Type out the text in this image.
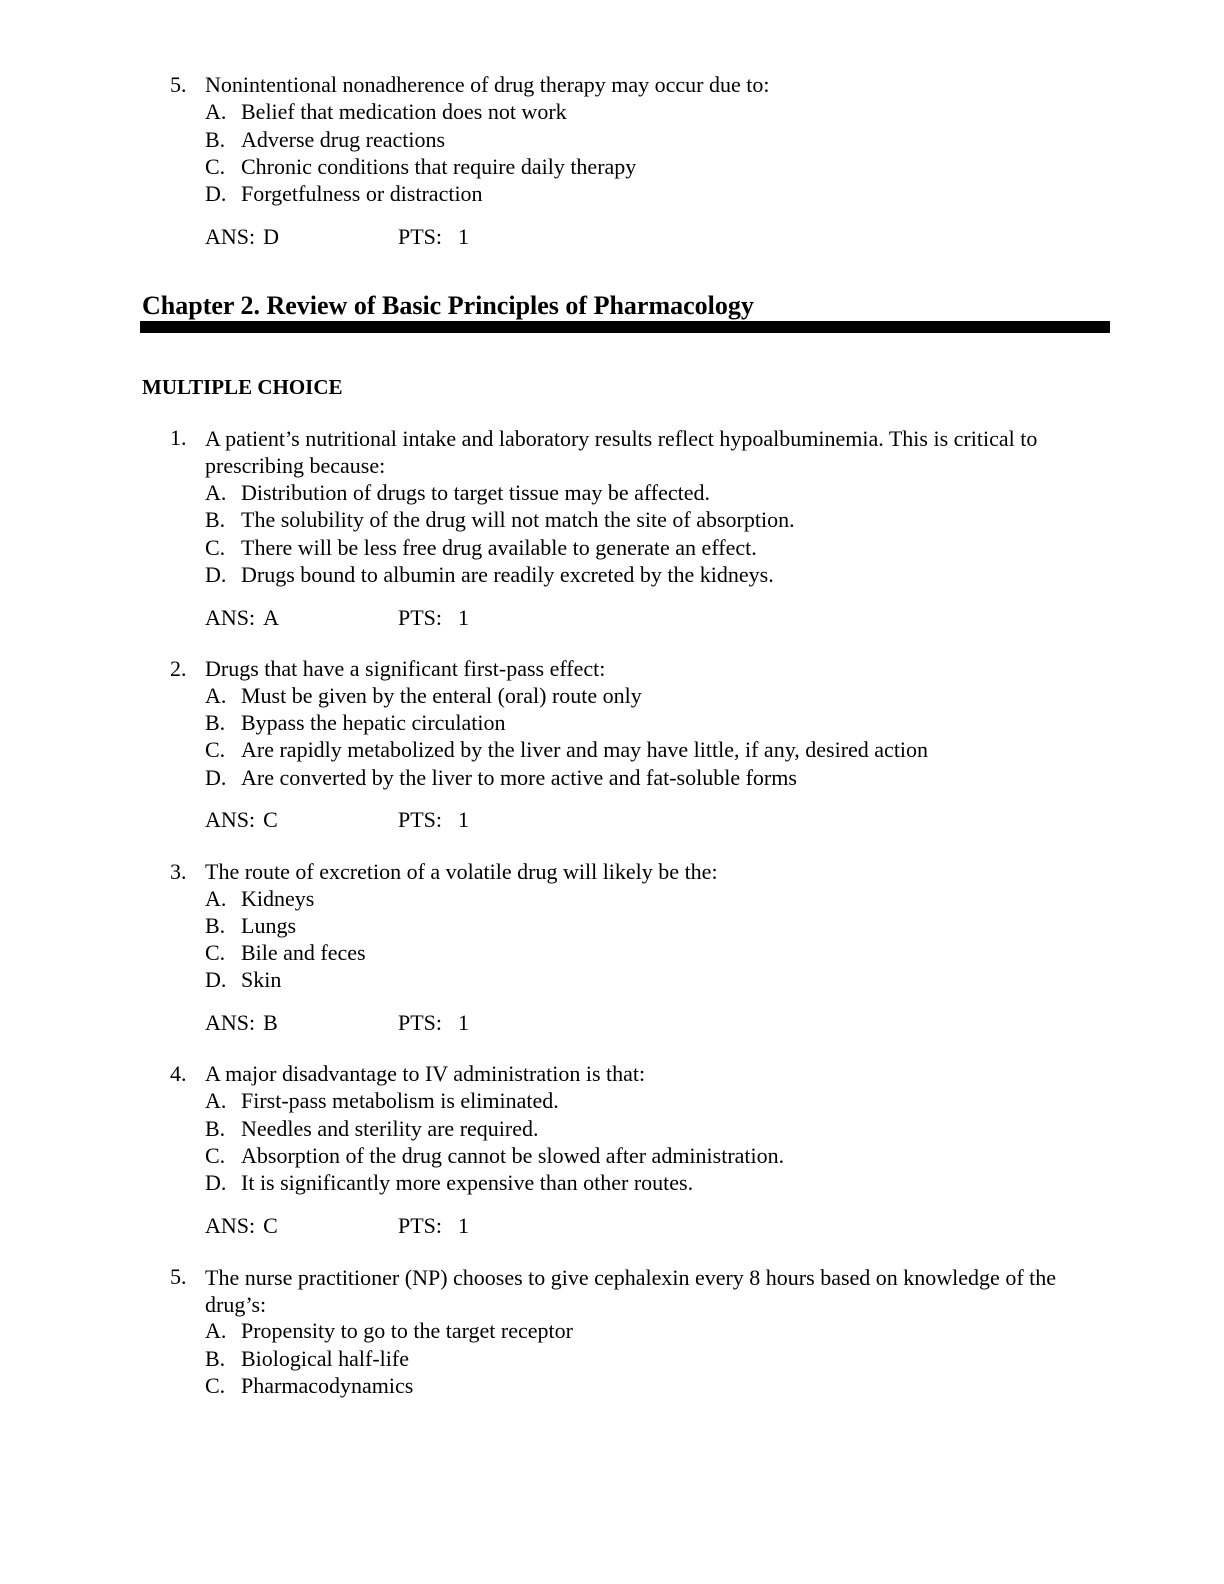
5. Nonintentional nonadherence of drug therapy may occur due to:
A. Belief that medication does not work
B. Adverse drug reactions
C. Chronic conditions that require daily therapy
D. Forgetfulness or distraction
ANS: D	PTS: 1
Chapter 2. Review of Basic Principles of Pharmacology
MULTIPLE CHOICE
1. A patient’s nutritional intake and laboratory results reflect hypoalbuminemia. This is critical to prescribing because:
A. Distribution of drugs to target tissue may be affected.
B. The solubility of the drug will not match the site of absorption.
C. There will be less free drug available to generate an effect.
D. Drugs bound to albumin are readily excreted by the kidneys.
ANS: A	PTS: 1
2. Drugs that have a significant first-pass effect:
A. Must be given by the enteral (oral) route only
B. Bypass the hepatic circulation
C. Are rapidly metabolized by the liver and may have little, if any, desired action
D. Are converted by the liver to more active and fat-soluble forms
ANS: C	PTS: 1
3. The route of excretion of a volatile drug will likely be the:
A. Kidneys
B. Lungs
C. Bile and feces
D. Skin
ANS: B	PTS: 1
4. A major disadvantage to IV administration is that:
A. First-pass metabolism is eliminated.
B. Needles and sterility are required.
C. Absorption of the drug cannot be slowed after administration.
D. It is significantly more expensive than other routes.
ANS: C	PTS: 1
5. The nurse practitioner (NP) chooses to give cephalexin every 8 hours based on knowledge of the drug’s:
A. Propensity to go to the target receptor
B. Biological half-life
C. Pharmacodynamics
